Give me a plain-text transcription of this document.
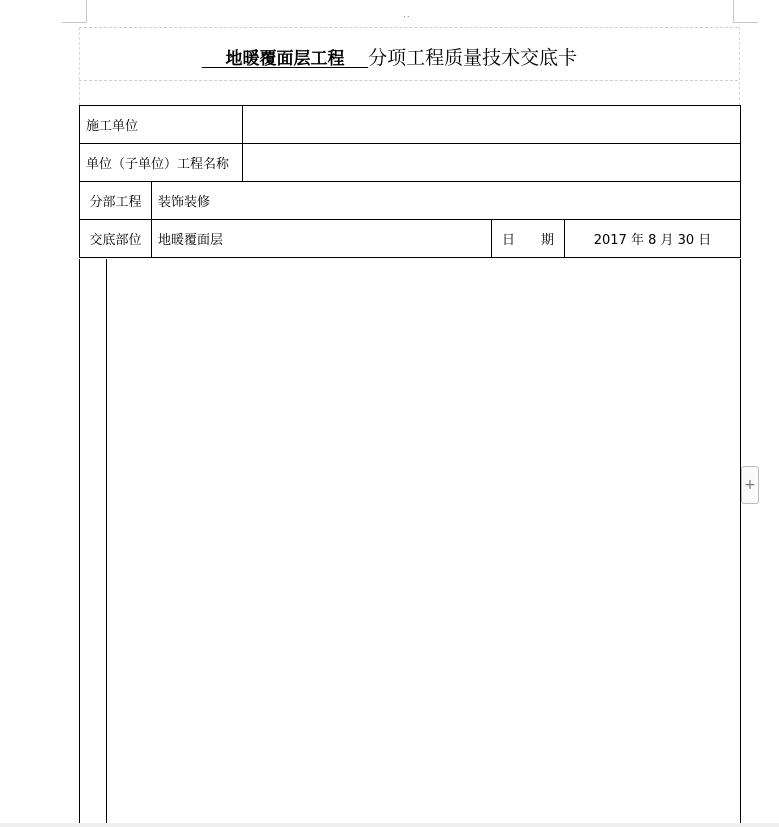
..
地暖覆面层工程    分项工程质量技术交底卡
施工单位				
单位（子单位）工程名称				
分部工程	装饰装修			
交底部位	地暖覆面层		日　　期	2017 年 8 月 30 日
+
